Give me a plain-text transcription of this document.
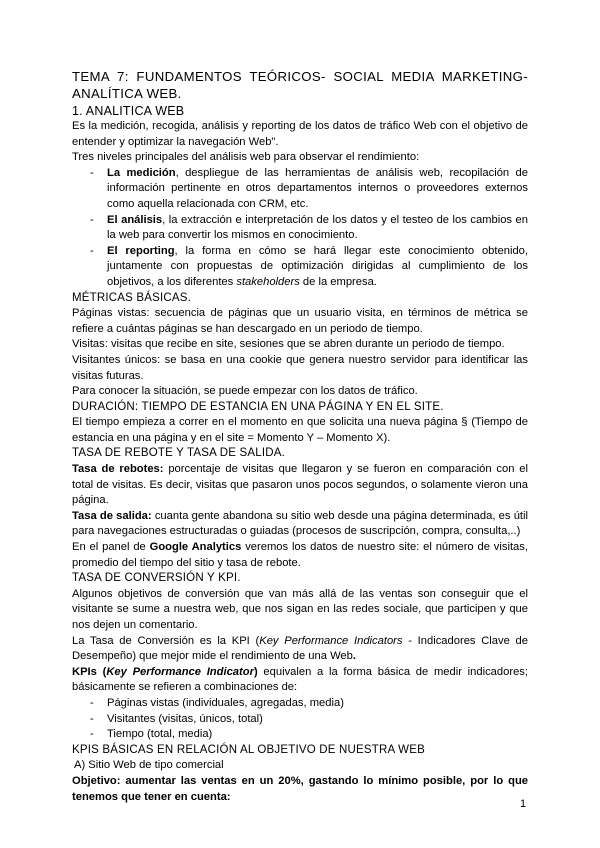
TEMA 7: FUNDAMENTOS TEÓRICOS- SOCIAL MEDIA MARKETING-
ANALÍTICA WEB.
1. ANALITICA WEB

Es la medición, recogida, análisis y reporting de los datos de tráfico Web con el objetivo de entender y optimizar la navegación Web".

Tres niveles principales del análisis web para observar el rendimiento:

- La medición, despliegue de las herramientas de análisis web, recopilación de información pertinente en otros departamentos internos o proveedores externos como aquella relacionada con CRM, etc.
- El análisis, la extracción e interpretación de los datos y el testeo de los cambios en la web para convertir los mismos en conocimiento.
- El reporting, la forma en cómo se hará llegar este conocimiento obtenido, juntamente con propuestas de optimización dirigidas al cumplimiento de los objetivos, a los diferentes stakeholders de la empresa.
MÉTRICAS BÁSICAS.

Páginas vistas: secuencia de páginas que un usuario visita, en términos de métrica se refiere a cuántas páginas se han descargado en un periodo de tiempo.

Visitas: visitas que recibe en site, sesiones que se abren durante un periodo de tiempo.

Visitantes únicos: se basa en una cookie que genera nuestro servidor para identificar las visitas futuras.

Para conocer la situación, se puede empezar con los datos de tráfico.

DURACIÓN: TIEMPO DE ESTANCIA EN UNA PÁGINA Y EN EL SITE.

El tiempo empieza a correr en el momento en que solicita una nueva página § (Tiempo de estancia en una página y en el site = Momento Y – Momento X).

TASA DE REBOTE Y TASA DE SALIDA.

Tasa de rebotes: porcentaje de visitas que llegaron y se fueron en comparación con el total de visitas. Es decir, visitas que pasaron unos pocos segundos, o solamente vieron una página.

Tasa de salida: cuanta gente abandona su sitio web desde una página determinada, es útil para navegaciones estructuradas o guiadas (procesos de suscripción, compra, consulta,..)

En el panel de Google Analytics veremos los datos de nuestro site: el número de visitas, promedio del tiempo del sitio y tasa de rebote.

TASA DE CONVERSIÓN Y KPI.

Algunos objetivos de conversión que van más allá de las ventas son conseguir que el visitante se sume a nuestra web, que nos sigan en las redes sociale, que participen y que nos dejen un comentario.

La Tasa de Conversión es la KPI (Key Performance Indicators - Indicadores Clave de Desempeño) que mejor mide el rendimiento de una Web.

KPIs (Key Performance Indicator) equivalen a la forma básica de medir indicadores; básicamente se refieren a combinaciones de:

- Páginas vistas (individuales, agregadas, media)
- Visitantes (visitas, únicos, total)
- Tiempo (total, media)
KPIS BÁSICAS EN RELACIÓN AL OBJETIVO DE NUESTRA WEB

A) Sitio Web de tipo comercial

Objetivo: aumentar las ventas en un 20%, gastando lo mínimo posible, por lo que tenemos que tener en cuenta:

1
